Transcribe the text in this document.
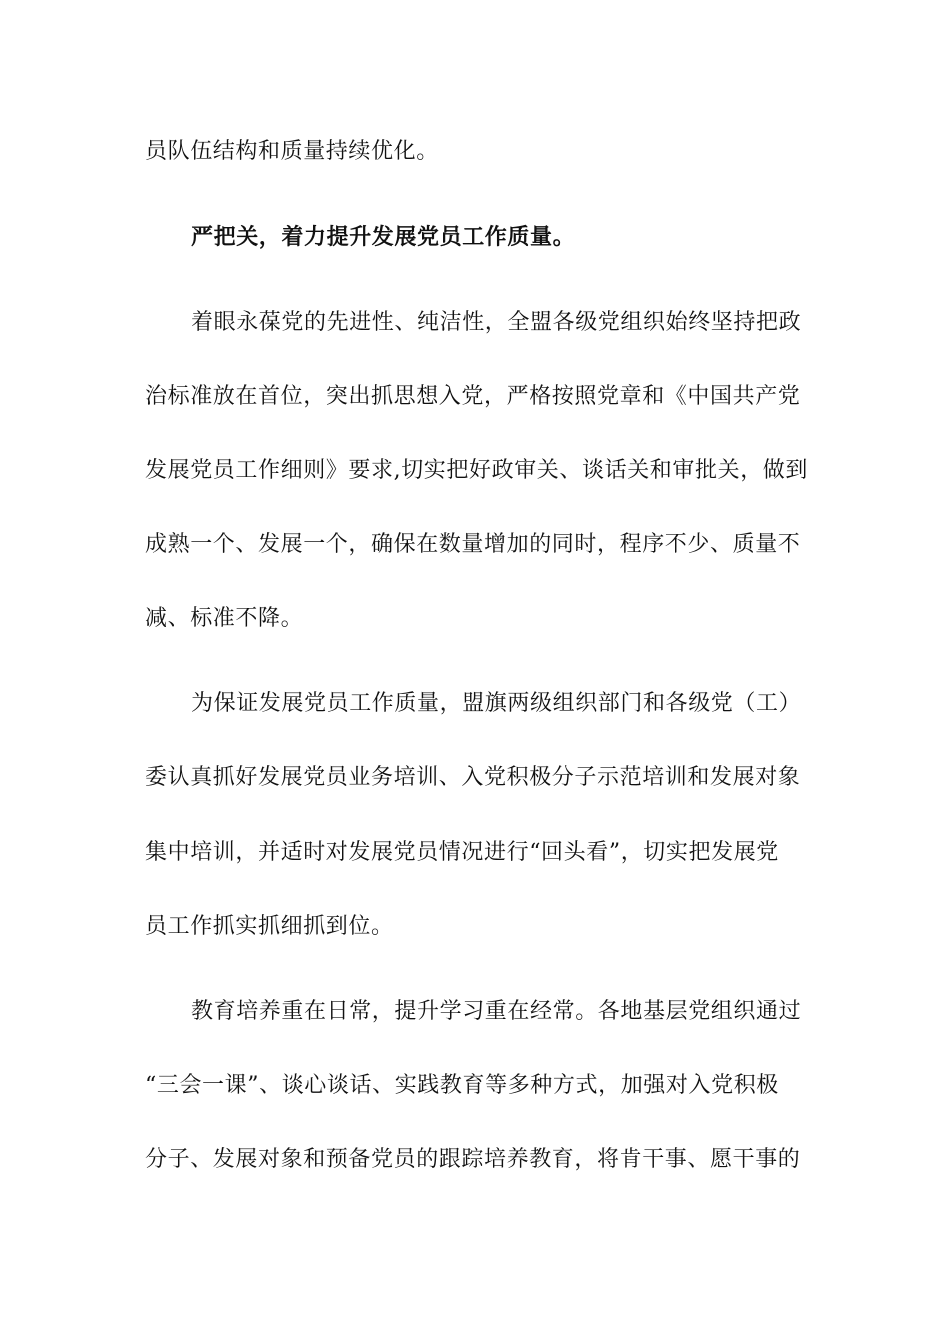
员队伍结构和质量持续优化。
严把关，着力提升发展党员工作质量。
着眼永葆党的先进性、纯洁性，全盟各级党组织始终坚持把政
治标准放在首位，突出抓思想入党，严格按照党章和《中国共产党
发展党员工作细则》要求,切实把好政审关、谈话关和审批关，做到
成熟一个、发展一个，确保在数量增加的同时，程序不少、质量不
减、标准不降。
为保证发展党员工作质量，盟旗两级组织部门和各级党（工）
委认真抓好发展党员业务培训、入党积极分子示范培训和发展对象
集中培训，并适时对发展党员情况进行“回头看”，切实把发展党
员工作抓实抓细抓到位。
教育培养重在日常，提升学习重在经常。各地基层党组织通过
“三会一课”、谈心谈话、实践教育等多种方式，加强对入党积极
分子、发展对象和预备党员的跟踪培养教育，将肯干事、愿干事的
